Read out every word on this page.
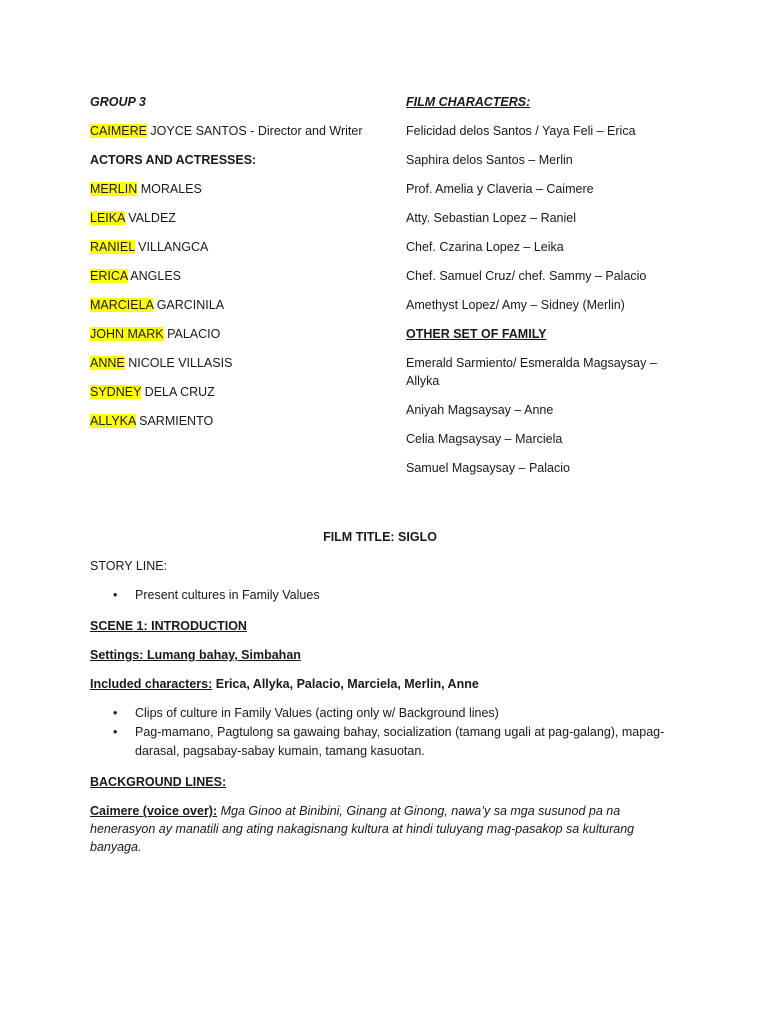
GROUP 3
CAIMERE JOYCE SANTOS - Director and Writer
ACTORS AND ACTRESSES:
MERLIN MORALES
LEIKA VALDEZ
RANIEL VILLANGCA
ERICA ANGLES
MARCIELA GARCINILA
JOHN MARK PALACIO
ANNE NICOLE VILLASIS
SYDNEY DELA CRUZ
ALLYKA SARMIENTO
FILM CHARACTERS:
Felicidad delos Santos / Yaya Feli – Erica
Saphira delos Santos – Merlin
Prof. Amelia y Claveria – Caimere
Atty. Sebastian Lopez – Raniel
Chef. Czarina Lopez – Leika
Chef. Samuel Cruz/ chef. Sammy – Palacio
Amethyst Lopez/ Amy – Sidney (Merlin)
OTHER SET OF FAMILY
Emerald Sarmiento/ Esmeralda Magsaysay – Allyka
Aniyah Magsaysay – Anne
Celia Magsaysay – Marciela
Samuel Magsaysay – Palacio
FILM TITLE: SIGLO
STORY LINE:
• Present cultures in Family Values
SCENE 1: INTRODUCTION
Settings: Lumang bahay, Simbahan
Included characters: Erica, Allyka, Palacio, Marciela, Merlin, Anne
• Clips of culture in Family Values (acting only w/ Background lines)
• Pag-mamano, Pagtulong sa gawaing bahay, socialization (tamang ugali at pag-galang), mapag-darasal, pagsabay-sabay kumain, tamang kasuotan.
BACKGROUND LINES:

Caimere (voice over): Mga Ginoo at Binibini, Ginang at Ginong, nawa’y sa mga susunod pa na henerasyon ay manatili ang ating nakagisnang kultura at hindi tuluyang mag-pasakop sa kulturang banyaga.
